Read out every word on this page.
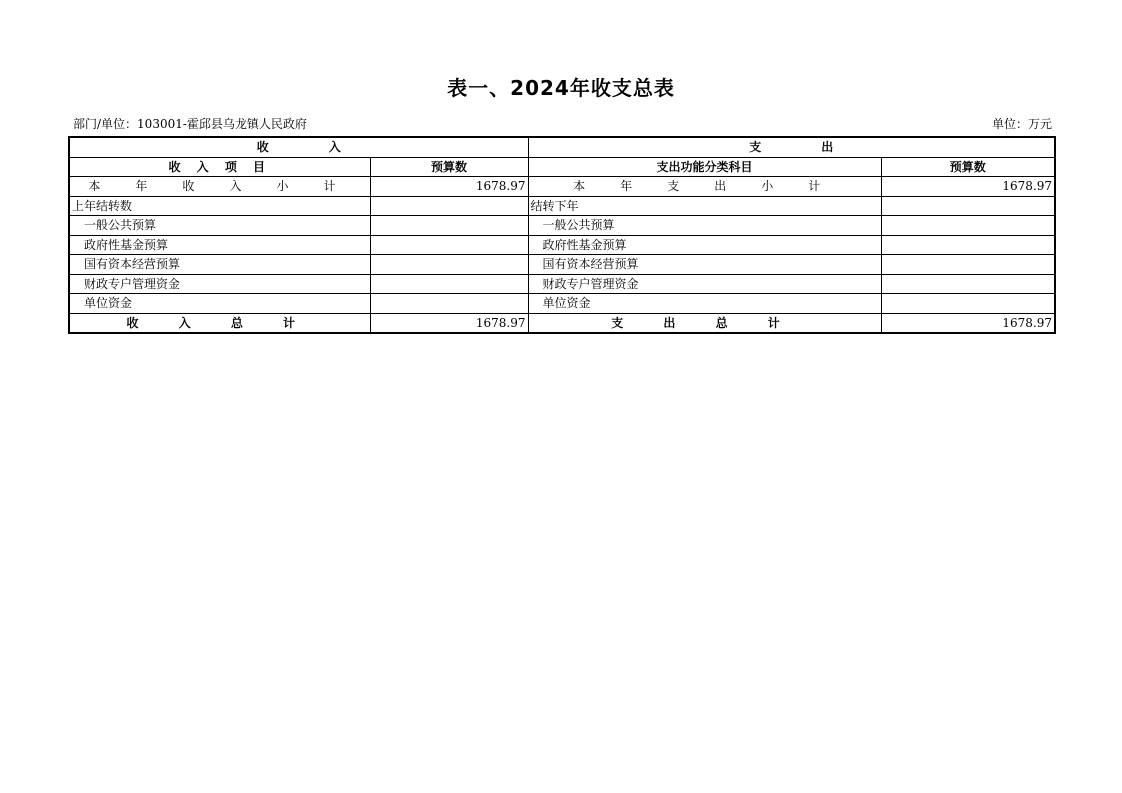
表一、2024年收支总表
部门/单位：103001-霍邱县乌龙镇人民政府	单位：万元
收　　　　　入		支　　　　　出	
收 入 项 目	预算数	支出功能分类科目	预算数
本 年 收 入 小 计	1678.97	本 年 支 出 小 计	1678.97
上年结转数		结转下年	
一般公共预算		一般公共预算	
政府性基金预算		政府性基金预算	
国有资本经营预算		国有资本经营预算	
财政专户管理资金		财政专户管理资金	
单位资金		单位资金	
收 入 总 计	1678.97	支 出 总 计	1678.97
